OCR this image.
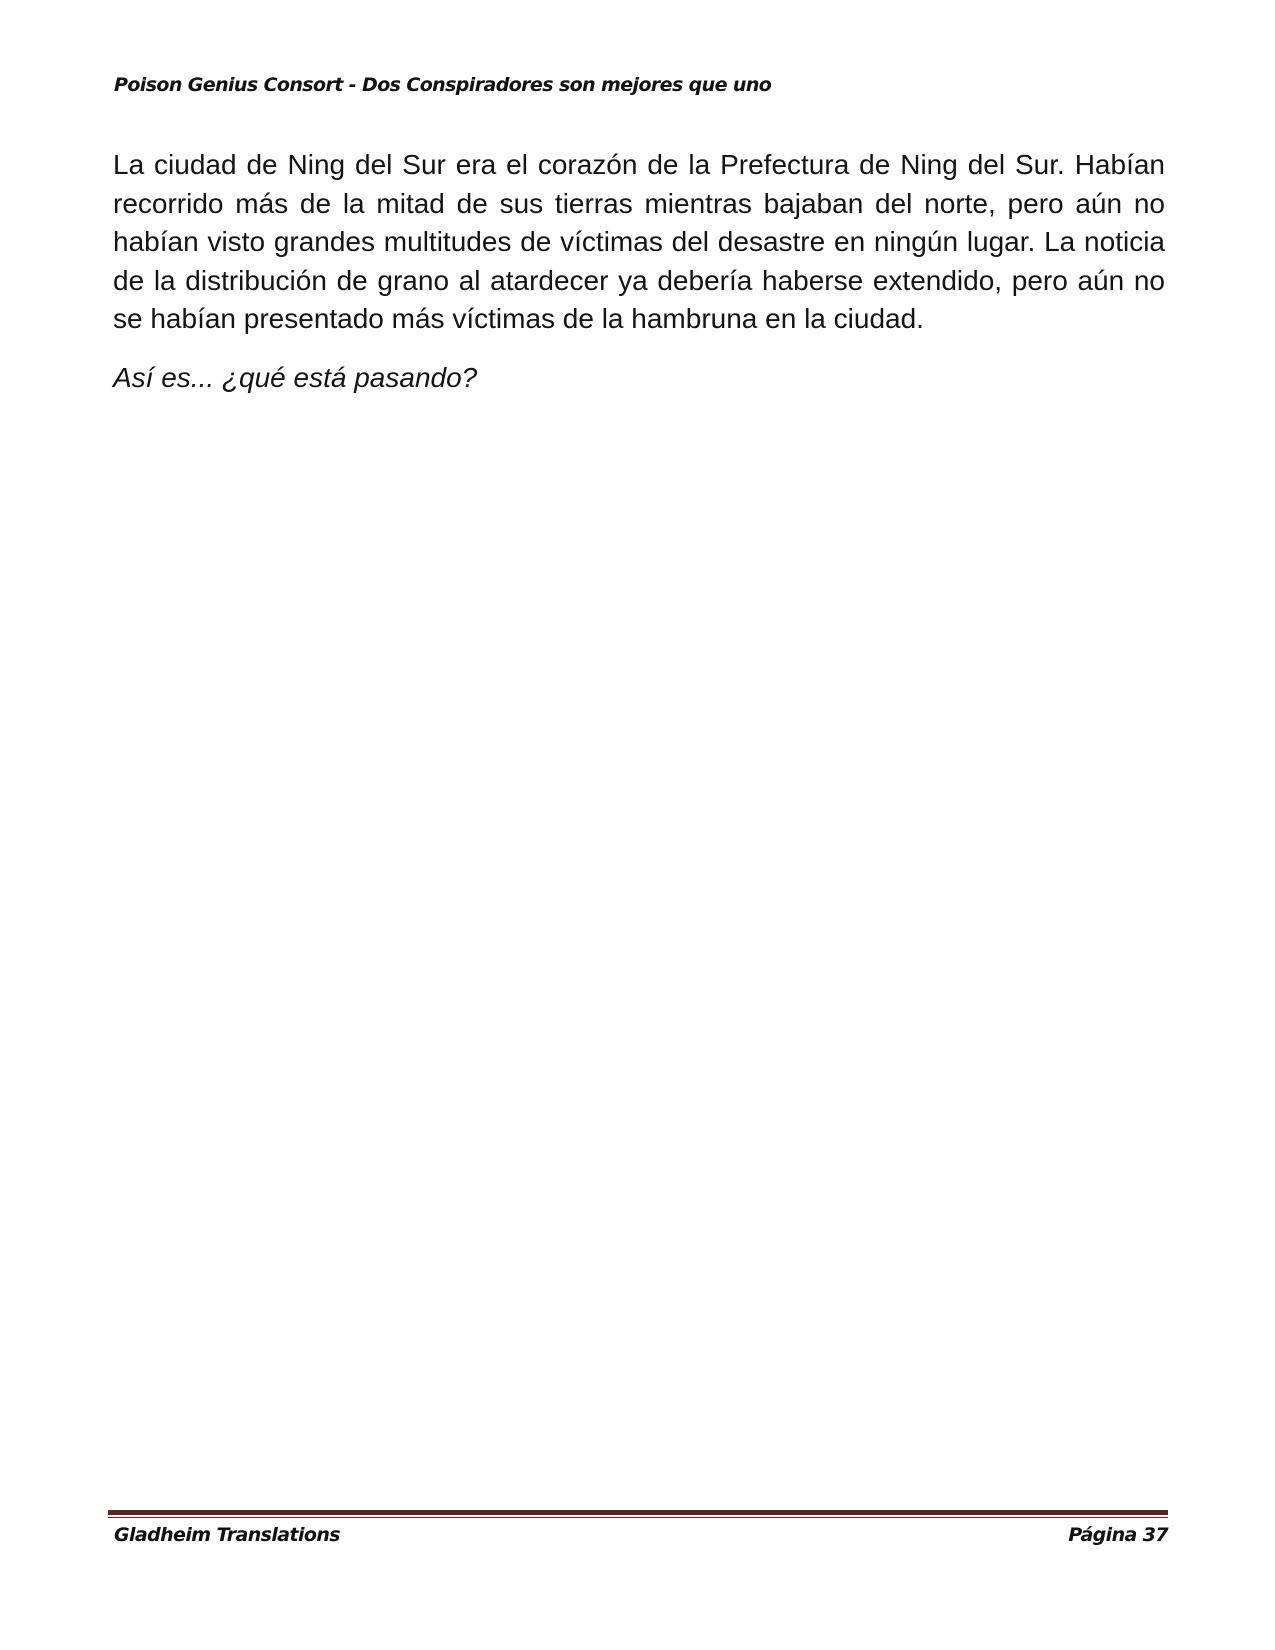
Poison Genius Consort - Dos Conspiradores son mejores que uno

La ciudad de Ning del Sur era el corazón de la Prefectura de Ning del Sur. Habían recorrido más de la mitad de sus tierras mientras bajaban del norte, pero aún no habían visto grandes multitudes de víctimas del desastre en ningún lugar. La noticia de la distribución de grano al atardecer ya debería haberse extendido, pero aún no se habían presentado más víctimas de la hambruna en la ciudad.

Así es... ¿qué está pasando?

Gladheim Translations	Página 37
